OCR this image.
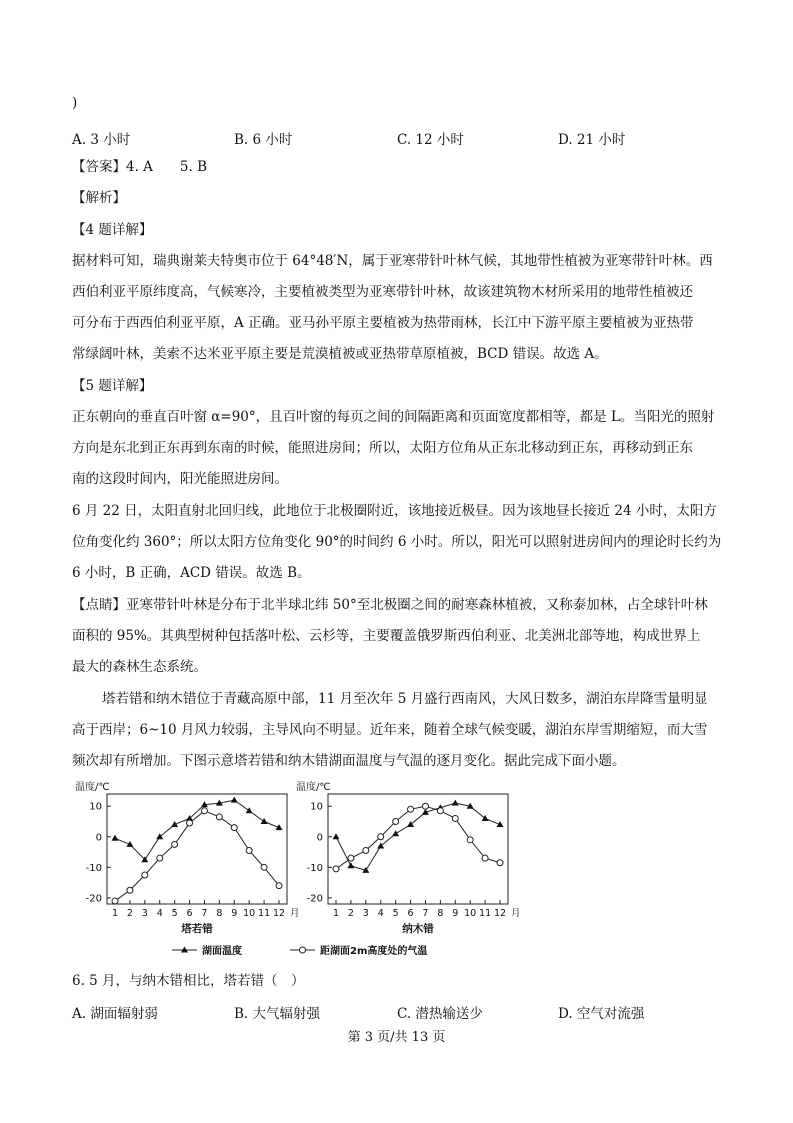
)
A. 3 小时	B. 6 小时	C. 12 小时	D. 21 小时
【答案】4. A　　5. B
【解析】
【4 题详解】
据材料可知，瑞典谢莱夫特奥市位于 64°48′N，属于亚寒带针叶林气候，其地带性植被为亚寒带针叶林。西
西伯利亚平原纬度高，气候寒冷，主要植被类型为亚寒带针叶林，故该建筑物木材所采用的地带性植被还
可分布于西西伯利亚平原，A 正确。亚马孙平原主要植被为热带雨林，长江中下游平原主要植被为亚热带
常绿阔叶林，美索不达米亚平原主要是荒漠植被或亚热带草原植被，BCD 错误。故选 A。
【5 题详解】
正东朝向的垂直百叶窗 α=90°，且百叶窗的每页之间的间隔距离和页面宽度都相等，都是 L。当阳光的照射
方向是东北到正东再到东南的时候，能照进房间；所以，太阳方位角从正东北移动到正东，再移动到正东
南的这段时间内，阳光能照进房间。
6 月 22 日，太阳直射北回归线，此地位于北极圈附近，该地接近极昼。因为该地昼长接近 24 小时，太阳方
位角变化约 360°；所以太阳方位角变化 90°的时间约 6 小时。所以，阳光可以照射进房间内的理论时长约为
6 小时，B 正确，ACD 错误。故选 B。
【点睛】亚寒带针叶林是分布于北半球北纬 50°至北极圈之间的耐寒森林植被，又称泰加林，占全球针叶林
面积的 95%。其典型树种包括落叶松、云杉等，主要覆盖俄罗斯西伯利亚、北美洲北部等地，构成世界上
最大的森林生态系统。
塔若错和纳木错位于青藏高原中部，11 月至次年 5 月盛行西南风，大风日数多，湖泊东岸降雪量明显
高于西岸；6~10 月风力较弱，主导风向不明显。近年来，随着全球气候变暖，湖泊东岸雪期缩短，而大雪
频次却有所增加。下图示意塔若错和纳木错湖面温度与气温的逐月变化。据此完成下面小题。
温度/℃
10
0
-10
-20
1 2 3 4 5 6 7 8 9 10 11 12 月
塔若错
温度/℃
10
0
-10
-20
1 2 3 4 5 6 7 8 9 10 11 12 月
纳木错
湖面温度	距湖面2m高度处的气温
6. 5 月，与纳木错相比，塔若错（　）
A. 湖面辐射弱	B. 大气辐射强	C. 潜热输送少	D. 空气对流强
第 3 页/共 13 页
